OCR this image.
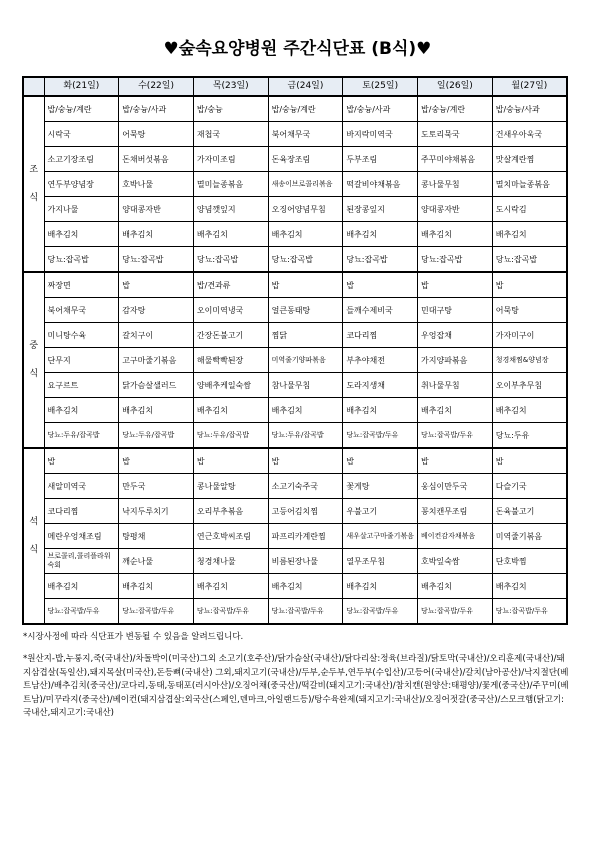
♥숲속요양병원 주간식단표 (B식)♥
	화(21일)	수(22일)	목(23일)	금(24일)	토(25일)	일(26일)	월(27일)

조
식	밥/숭늉/계란	밥/숭늉/사과	밥/숭늉	밥/숭늉/계란	밥/숭늉/사과	밥/숭늉/계란	밥/숭늉/사과
	시락국	어묵탕	재첩국	북어채무국	바지락미역국	도토리묵국	건새우아욱국
	소고기장조림	돈채버섯볶음	가자미조림	돈육장조림	두부조림	주꾸미야채볶음	맛살계란찜
	연두부양념장	호박나물	멸미늘종볶음	새송이브로콜리볶음	떡갈비야채볶음	콩나물무침	멸치마늘종볶음
	가지나물	양대콩자반	양념깻잎지	오징어양념무침	된장콩잎지	양대콩자반	도시락김
	배추김치	배추김치	배추김치	배추김치	배추김치	배추김치	배추김치
	당뇨:잡곡밥	당뇨:잡곡밥	당뇨:잡곡밥	당뇨:잡곡밥	당뇨:잡곡밥	당뇨:잡곡밥	당뇨:잡곡밥

중
식	짜장면	밥	밥/견과류	밥	밥	밥	밥
	북어채무국	감자탕	오이미역냉국	얼큰동태탕	들깨수제비국	민대구탕	어묵탕
	미니탕수육	갈치구이	간장돈불고기	찜닭	코다리찜	우엉잡채	가자미구이
	단무지	고구마줄기볶음	해물빡빡된장	미역줄기양파볶음	부추야채전	가지양파볶음	청경채찜&양념장
	요구르트	닭가슴살샐러드	양배추케일숙쌈	참나물무침	도라지생채	취나물무침	오이부추무침
	배추김치	배추김치	배추김치	배추김치	배추김치	배추김치	배추김치
	당뇨:두유/잡곡밥	당뇨:두유/잡곡밥	당뇨:두유/잡곡밥	당뇨:두유/잡곡밥	당뇨:잡곡밥/두유	당뇨:잡곡밥/두유	당뇨:두유

석
식	밥	밥	밥	밥	밥	밥	밥
	새알미역국	만두국	콩나물알탕	소고기숙주국	꽃게탕	웅심이만두국	다슬기국
	코다리찜	낙지두루치기	오리부추볶음	고등어김치찜	우불고기	꽁치캔무조림	돈육불고기
	메란우엉채조림	탕평채	연근호박씨조림	파프리카계란찜	새우살고구마줄기볶음	베이컨감자채볶음	미역줄기볶음
	브로콜리,콜리플라워숙회	깨순나물	청경채나물	비름된장나물	열무조무침	호박잎숙쌈	단호박찜
	배추김치	배추김치	배추김치	배추김치	배추김치	배추김치	배추김치
	당뇨:잡곡밥/두유	당뇨:잡곡밥/두유	당뇨:잡곡밥/두유	당뇨:잡곡밥/두유	당뇨:잡곡밥/두유	당뇨:잡곡밥/두유	당뇨:잡곡밥/두유
*시장사정에 따라 식단표가 변동될 수 있음을 알려드립니다.
*원산지-밥,누룽지,죽(국내산)/차돌박이(미국산)그외 소고기(호주산)/닭가슴살(국내산)/닭다리살:정육(브라질)/닭토막(국내산)/오리훈제(국내산)/돼지삼겹살(독일산),돼지목살(미국산),돈등뼈(국내산) 그외,돼지고기(국내산)/두부,순두부,연두부(수입산)/고등어(국내산)/갈치(남아공산)/낙지절단(베트남산)/배추김치(중국산)/코다리,동태,동태포(러시아산)/오징어채(중국산)/떡갈비(돼지고기:국내산)/참치캔(원양산:태평양)/꽃게(중국산)/주꾸미(베트남)/미꾸라지(중국산)/베이컨(돼지삼겹살:외국산(스페인,덴마크,아일랜드등)/탕수육완제(돼지고기:국내산)/오징어젓갈(중국산)/스모크햄(닭고기:국내산,돼지고기:국내산)
